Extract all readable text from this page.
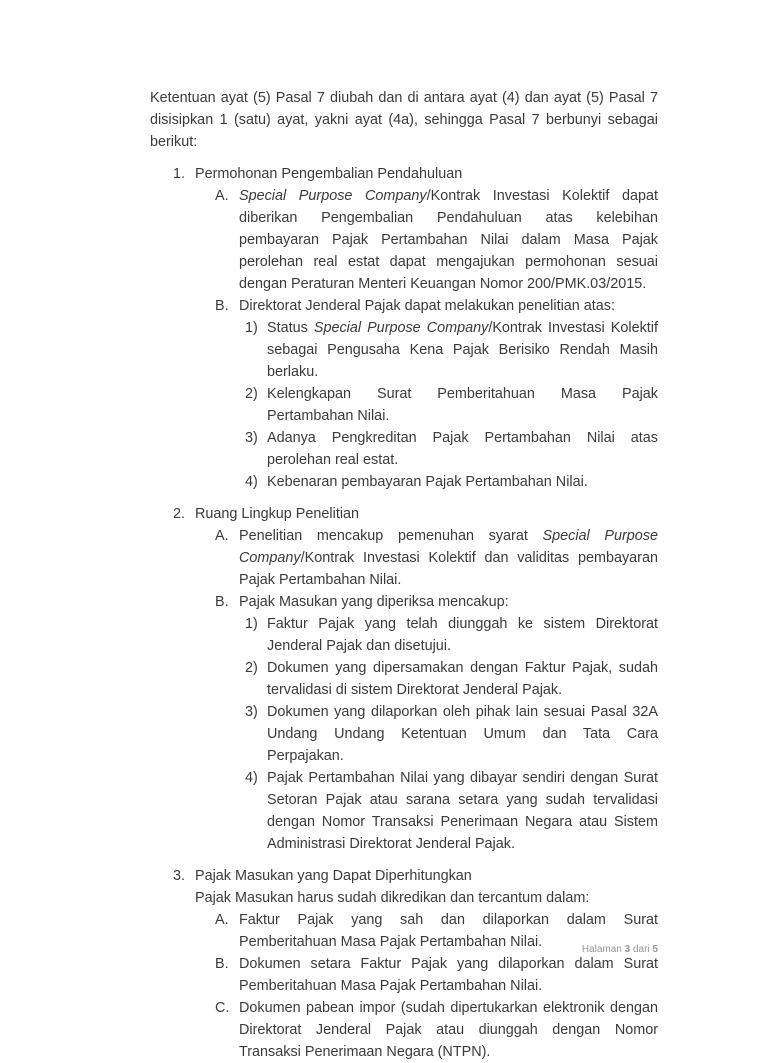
Ketentuan ayat (5) Pasal 7 diubah dan di antara ayat (4) dan ayat (5) Pasal 7 disisipkan 1 (satu) ayat, yakni ayat (4a), sehingga Pasal 7 berbunyi sebagai berikut:

1. Permohonan Pengembalian Pendahuluan
A. Special Purpose Company/Kontrak Investasi Kolektif dapat diberikan Pengembalian Pendahuluan atas kelebihan pembayaran Pajak Pertambahan Nilai dalam Masa Pajak perolehan real estat dapat mengajukan permohonan sesuai dengan Peraturan Menteri Keuangan Nomor 200/PMK.03/2015.
B. Direktorat Jenderal Pajak dapat melakukan penelitian atas:
1) Status Special Purpose Company/Kontrak Investasi Kolektif sebagai Pengusaha Kena Pajak Berisiko Rendah Masih berlaku.
2) Kelengkapan Surat Pemberitahuan Masa Pajak Pertambahan Nilai.
3) Adanya Pengkreditan Pajak Pertambahan Nilai atas perolehan real estat.
4) Kebenaran pembayaran Pajak Pertambahan Nilai.
2. Ruang Lingkup Penelitian
A. Penelitian mencakup pemenuhan syarat Special Purpose Company/Kontrak Investasi Kolektif dan validitas pembayaran Pajak Pertambahan Nilai.
B. Pajak Masukan yang diperiksa mencakup:
1) Faktur Pajak yang telah diunggah ke sistem Direktorat Jenderal Pajak dan disetujui.
2) Dokumen yang dipersamakan dengan Faktur Pajak, sudah tervalidasi di sistem Direktorat Jenderal Pajak.
3) Dokumen yang dilaporkan oleh pihak lain sesuai Pasal 32A Undang Undang Ketentuan Umum dan Tata Cara Perpajakan.
4) Pajak Pertambahan Nilai yang dibayar sendiri dengan Surat Setoran Pajak atau sarana setara yang sudah tervalidasi dengan Nomor Transaksi Penerimaan Negara atau Sistem Administrasi Direktorat Jenderal Pajak.
3. Pajak Masukan yang Dapat Diperhitungkan
Pajak Masukan harus sudah dikredikan dan tercantum dalam:
A. Faktur Pajak yang sah dan dilaporkan dalam Surat Pemberitahuan Masa Pajak Pertambahan Nilai.
B. Dokumen setara Faktur Pajak yang dilaporkan dalam Surat Pemberitahuan Masa Pajak Pertambahan Nilai.
C. Dokumen pabean impor (sudah dipertukarkan elektronik dengan Direktorat Jenderal Pajak atau diunggah dengan Nomor Transaksi Penerimaan Negara (NTPN).
Halaman 3 dari 5
